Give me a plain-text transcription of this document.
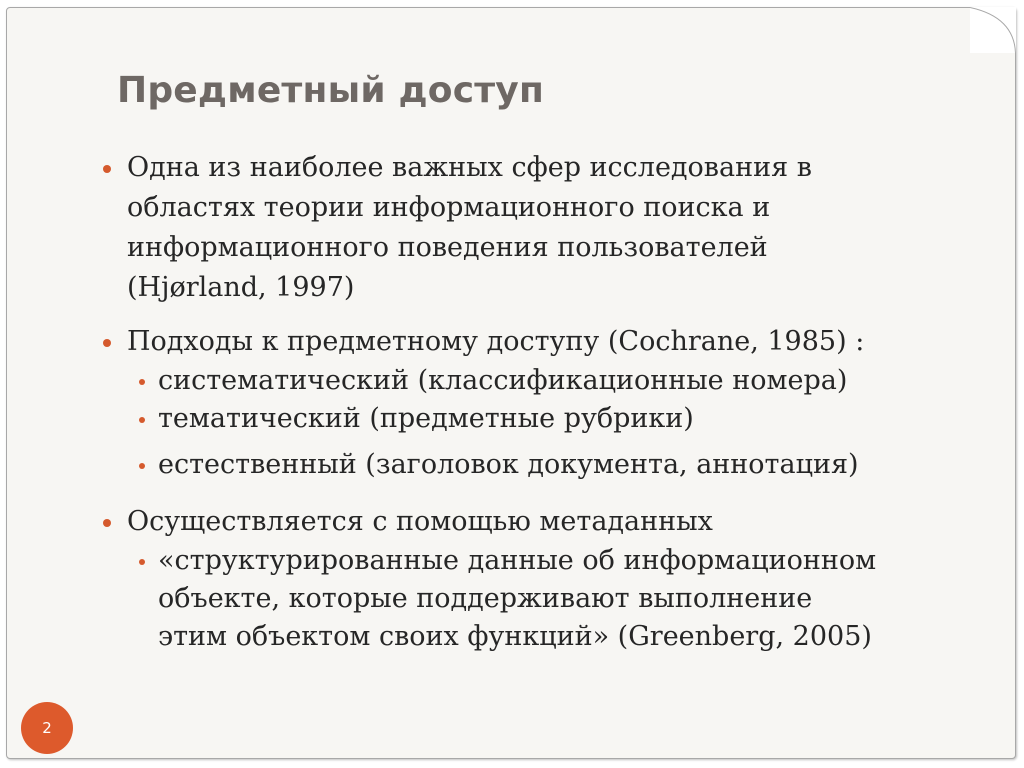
Предметный доступ
Одна из наиболее важных сфер исследования в
областях теории информационного поиска и
информационного поведения пользователей
(Hjørland, 1997)
Подходы к предметному доступу (Cochrane, 1985) :
систематический (классификационные номера)
тематический (предметные рубрики)
естественный (заголовок документа, аннотация)
Осуществляется с помощью метаданных
«структурированные данные об информационном
объекте, которые поддерживают выполнение
этим объектом своих функций» (Greenberg, 2005)
2
